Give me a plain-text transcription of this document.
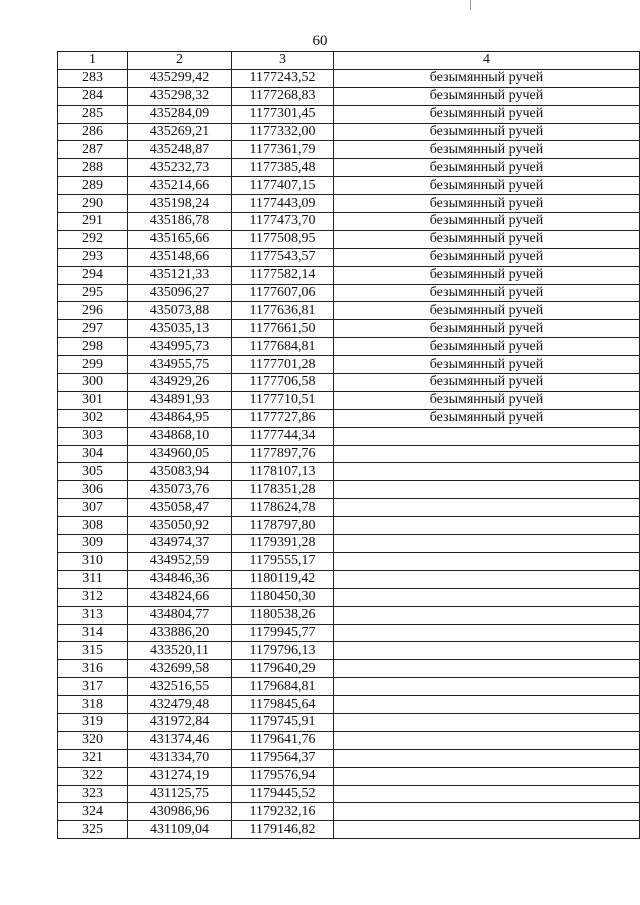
60
1	2	3	4
283	435299,42	1177243,52	безымянный ручей
284	435298,32	1177268,83	безымянный ручей
285	435284,09	1177301,45	безымянный ручей
286	435269,21	1177332,00	безымянный ручей
287	435248,87	1177361,79	безымянный ручей
288	435232,73	1177385,48	безымянный ручей
289	435214,66	1177407,15	безымянный ручей
290	435198,24	1177443,09	безымянный ручей
291	435186,78	1177473,70	безымянный ручей
292	435165,66	1177508,95	безымянный ручей
293	435148,66	1177543,57	безымянный ручей
294	435121,33	1177582,14	безымянный ручей
295	435096,27	1177607,06	безымянный ручей
296	435073,88	1177636,81	безымянный ручей
297	435035,13	1177661,50	безымянный ручей
298	434995,73	1177684,81	безымянный ручей
299	434955,75	1177701,28	безымянный ручей
300	434929,26	1177706,58	безымянный ручей
301	434891,93	1177710,51	безымянный ручей
302	434864,95	1177727,86	безымянный ручей
303	434868,10	1177744,34	
304	434960,05	1177897,76	
305	435083,94	1178107,13	
306	435073,76	1178351,28	
307	435058,47	1178624,78	
308	435050,92	1178797,80	
309	434974,37	1179391,28	
310	434952,59	1179555,17	
311	434846,36	1180119,42	
312	434824,66	1180450,30	
313	434804,77	1180538,26	
314	433886,20	1179945,77	
315	433520,11	1179796,13	
316	432699,58	1179640,29	
317	432516,55	1179684,81	
318	432479,48	1179845,64	
319	431972,84	1179745,91	
320	431374,46	1179641,76	
321	431334,70	1179564,37	
322	431274,19	1179576,94	
323	431125,75	1179445,52	
324	430986,96	1179232,16	
325	431109,04	1179146,82	
